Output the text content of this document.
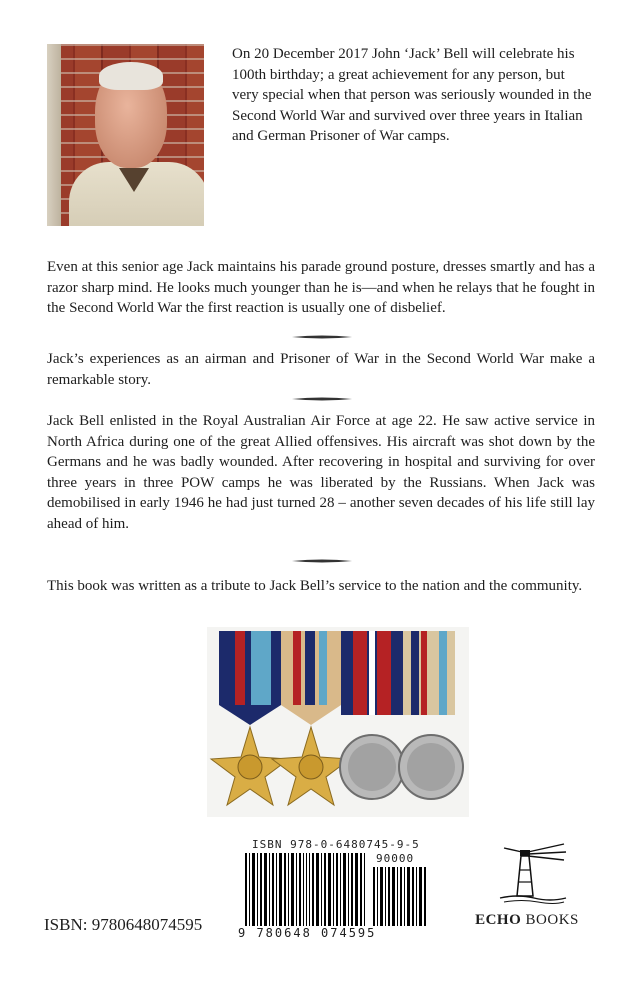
On 20 December 2017 John ‘Jack’ Bell will celebrate his 100th birthday; a great achievement for any person, but very special when that person was seriously wounded in the Second World War and survived over three years in Italian and German Prisoner of War camps.

Even at this senior age Jack maintains his parade ground posture, dresses smartly and has a razor sharp mind. He looks much younger than he is—and when he relays that he fought in the Second World War the first reaction is usually one of disbelief.

Jack’s experiences as an airman and Prisoner of War in the Second World War make a remarkable story.

Jack Bell enlisted in the Royal Australian Air Force at age 22. He saw active service in North Africa during one of the great Allied offensives. His aircraft was shot down by the Germans and he was badly wounded. After recovering in hospital and surviving for over three years in three POW camps he was liberated by the Russians. When Jack was demobilised in early 1946 he had just turned 28 – another seven decades of his life still lay ahead of him.

This book was written as a tribute to Jack Bell’s service to the nation and the community.

ISBN 978-0-6480745-9-5
90000
9 780648 074595
ISBN: 9780648074595	ECHO BOOKS
